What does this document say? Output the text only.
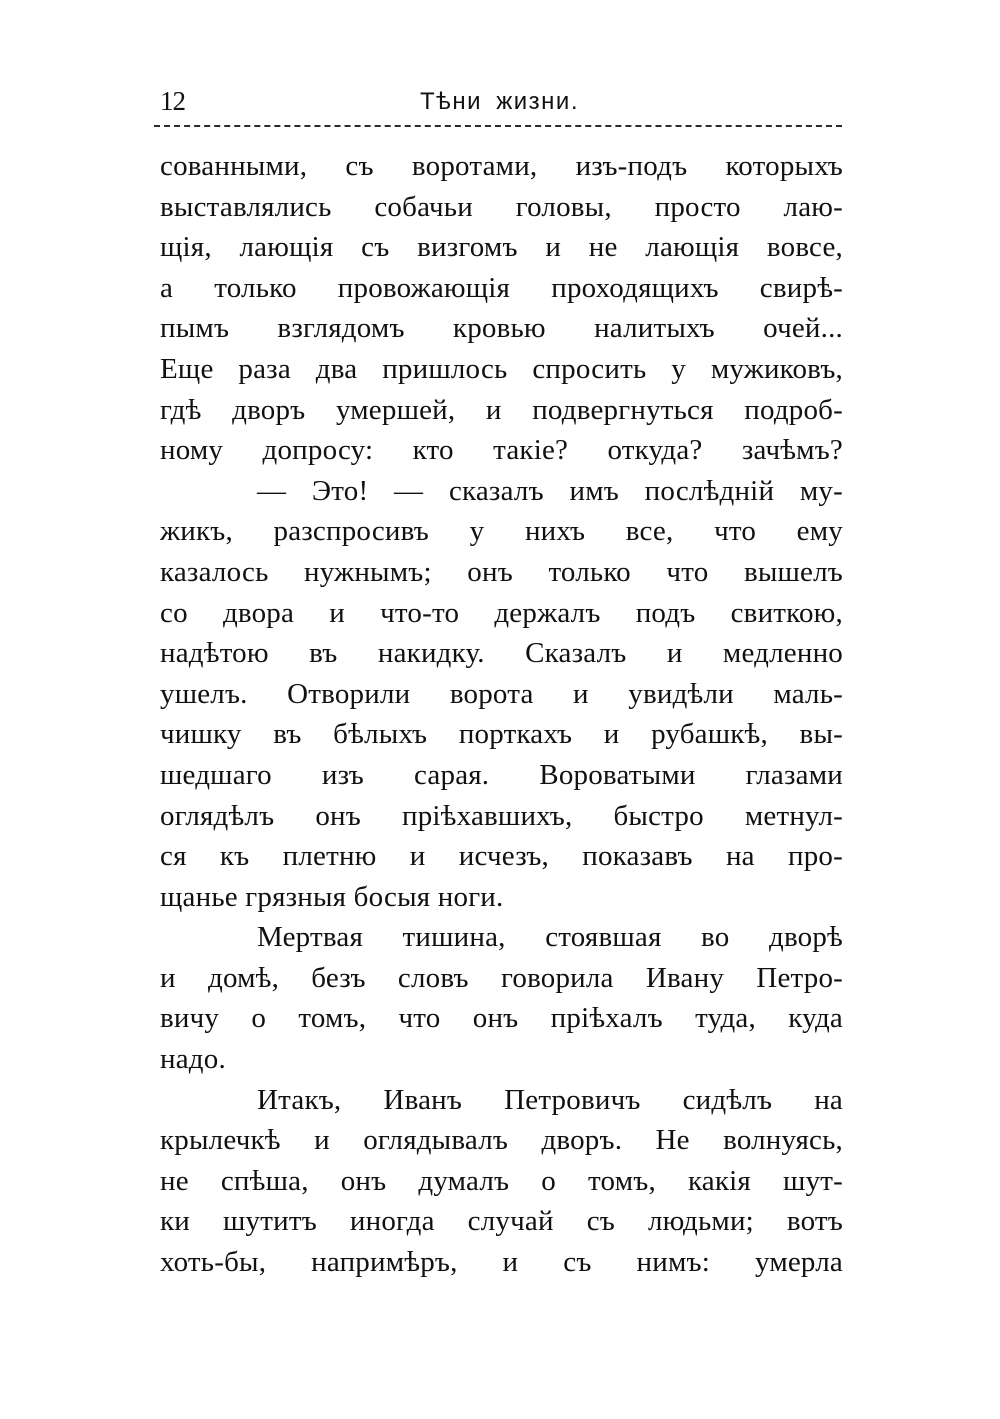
12	Тѣни жизни.
сованными, съ воротами, изъ-подъ которыхъ
выставлялись собачьи головы, просто лаю-
щія, лающія съ визгомъ и не лающія вовсе,
а только провожающія проходящихъ свирѣ-
пымъ взглядомъ кровью налитыхъ очей...
Еще раза два пришлось спросить у мужиковъ,
гдѣ дворъ умершей, и подвергнуться подроб-
ному допросу: кто такіе? откуда? зачѣмъ?
— Это! — сказалъ имъ послѣдній му-
жикъ, разспросивъ у нихъ все, что ему
казалось нужнымъ; онъ только что вышелъ
со двора и что-то держалъ подъ свиткою,
надѣтою въ накидку. Сказалъ и медленно
ушелъ. Отворили ворота и увидѣли маль-
чишку въ бѣлыхъ порткахъ и рубашкѣ, вы-
шедшаго изъ сарая. Вороватыми глазами
оглядѣлъ онъ пріѣхавшихъ, быстро метнул-
ся къ плетню и исчезъ, показавъ на про-
щанье грязныя босыя ноги.
Мертвая тишина, стоявшая во дворѣ
и домѣ, безъ словъ говорила Ивану Петро-
вичу о томъ, что онъ пріѣхалъ туда, куда
надо.
Итакъ, Иванъ Петровичъ сидѣлъ на
крылечкѣ и оглядывалъ дворъ. Не волнуясь,
не спѣша, онъ думалъ о томъ, какія шут-
ки шутитъ иногда случай съ людьми; вотъ
хоть-бы, напримѣръ, и съ нимъ: умерла
